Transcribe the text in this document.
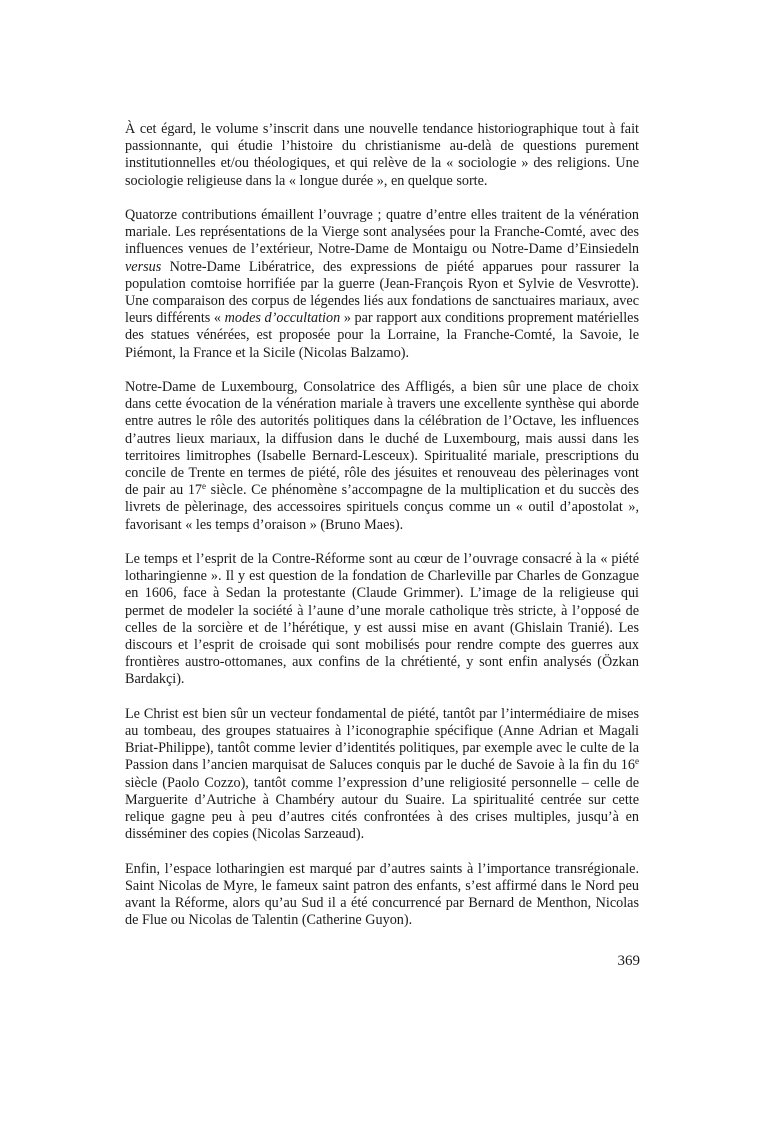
À cet égard, le volume s’inscrit dans une nouvelle tendance historiographique tout à fait passionnante, qui étudie l’histoire du christianisme au-delà de questions purement institutionnelles et/ou théologiques, et qui relève de la « sociologie » des religions. Une sociologie religieuse dans la « longue durée », en quelque sorte.

Quatorze contributions émaillent l’ouvrage ; quatre d’entre elles traitent de la vénération mariale. Les représentations de la Vierge sont analysées pour la Franche-Comté, avec des influences venues de l’extérieur, Notre-Dame de Montaigu ou Notre-Dame d’Einsiedeln versus Notre-Dame Libératrice, des expressions de piété apparues pour rassurer la population comtoise horrifiée par la guerre (Jean-François Ryon et Sylvie de Vesvrotte). Une comparaison des corpus de légendes liés aux fondations de sanctuaires mariaux, avec leurs différents « modes d’occultation » par rapport aux conditions proprement matérielles des statues vénérées, est proposée pour la Lorraine, la Franche-Comté, la Savoie, le Piémont, la France et la Sicile (Nicolas Balzamo).

Notre-Dame de Luxembourg, Consolatrice des Affligés, a bien sûr une place de choix dans cette évocation de la vénération mariale à travers une excellente synthèse qui aborde entre autres le rôle des autorités politiques dans la célébration de l’Octave, les influences d’autres lieux mariaux, la diffusion dans le duché de Luxembourg, mais aussi dans les territoires limitrophes (Isabelle Bernard-Lesceux). Spiritualité mariale, prescriptions du concile de Trente en termes de piété, rôle des jésuites et renouveau des pèlerinages vont de pair au 17e siècle. Ce phénomène s’accompagne de la multiplication et du succès des livrets de pèlerinage, des accessoires spirituels conçus comme un « outil d’apostolat », favorisant « les temps d’oraison » (Bruno Maes).

Le temps et l’esprit de la Contre-Réforme sont au cœur de l’ouvrage consacré à la « piété lotharingienne ». Il y est question de la fondation de Charleville par Charles de Gonzague en 1606, face à Sedan la protestante (Claude Grimmer). L’image de la religieuse qui permet de modeler la société à l’aune d’une morale catholique très stricte, à l’opposé de celles de la sorcière et de l’hérétique, y est aussi mise en avant (Ghislain Tranié). Les discours et l’esprit de croisade qui sont mobilisés pour rendre compte des guerres aux frontières austro-ottomanes, aux confins de la chrétienté, y sont enfin analysés (Özkan Bardakçi).

Le Christ est bien sûr un vecteur fondamental de piété, tantôt par l’intermédiaire de mises au tombeau, des groupes statuaires à l’iconographie spécifique (Anne Adrian et Magali Briat-Philippe), tantôt comme levier d’identités politiques, par exemple avec le culte de la Passion dans l’ancien marquisat de Saluces conquis par le duché de Savoie à la fin du 16e siècle (Paolo Cozzo), tantôt comme l’expression d’une religiosité personnelle – celle de Marguerite d’Autriche à Chambéry autour du Suaire. La spiritualité centrée sur cette relique gagne peu à peu d’autres cités confrontées à des crises multiples, jusqu’à en disséminer des copies (Nicolas Sarzeaud).

Enfin, l’espace lotharingien est marqué par d’autres saints à l’importance transrégionale. Saint Nicolas de Myre, le fameux saint patron des enfants, s’est affirmé dans le Nord peu avant la Réforme, alors qu’au Sud il a été concurrencé par Bernard de Menthon, Nicolas de Flue ou Nicolas de Talentin (Catherine Guyon).

369
